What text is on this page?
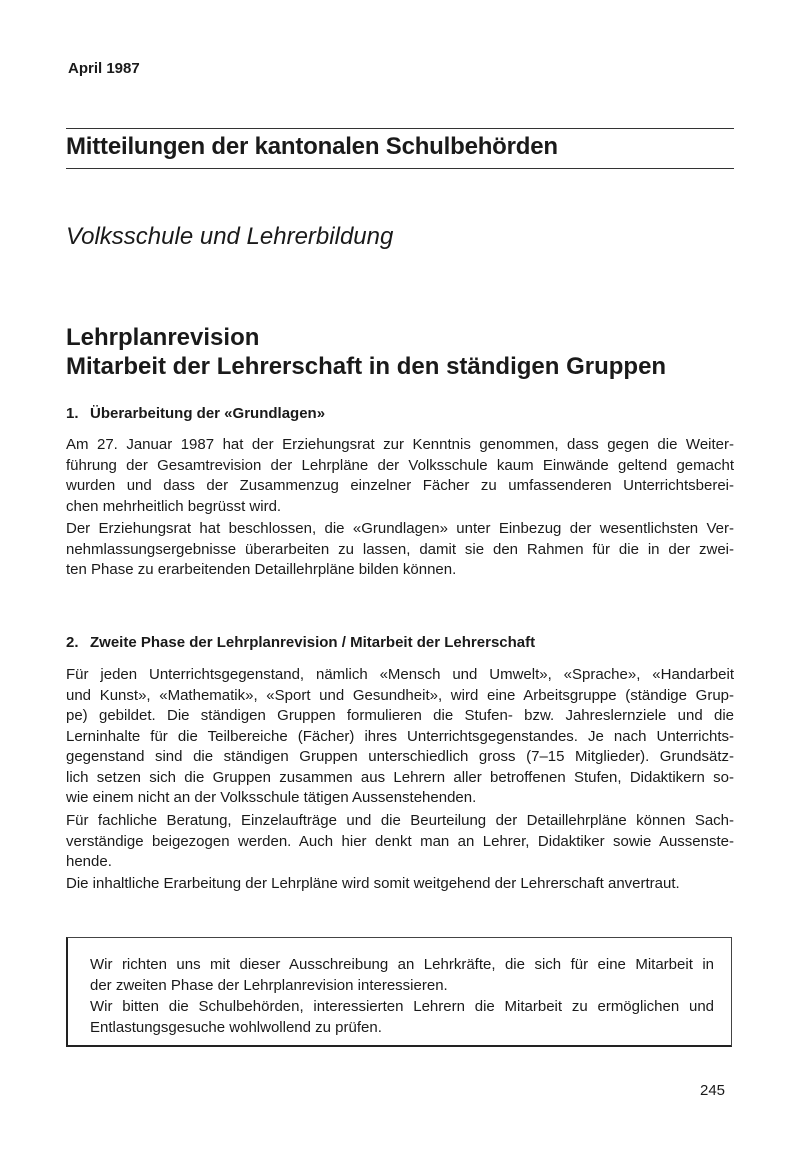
April 1987
Mitteilungen der kantonalen Schulbehörden
Volksschule und Lehrerbildung
Lehrplanrevision
Mitarbeit der Lehrerschaft in den ständigen Gruppen
1. Überarbeitung der «Grundlagen»
Am 27. Januar 1987 hat der Erziehungsrat zur Kenntnis genommen, dass gegen die Weiter-
führung der Gesamtrevision der Lehrpläne der Volksschule kaum Einwände geltend gemacht
wurden und dass der Zusammenzug einzelner Fächer zu umfassenderen Unterrichtsberei-
chen mehrheitlich begrüsst wird.
Der Erziehungsrat hat beschlossen, die «Grundlagen» unter Einbezug der wesentlichsten Ver-
nehmlassungsergebnisse überarbeiten zu lassen, damit sie den Rahmen für die in der zwei-
ten Phase zu erarbeitenden Detaillehrpläne bilden können.
2. Zweite Phase der Lehrplanrevision / Mitarbeit der Lehrerschaft
Für jeden Unterrichtsgegenstand, nämlich «Mensch und Umwelt», «Sprache», «Handarbeit
und Kunst», «Mathematik», «Sport und Gesundheit», wird eine Arbeitsgruppe (ständige Grup-
pe) gebildet. Die ständigen Gruppen formulieren die Stufen- bzw. Jahreslernziele und die
Lerninhalte für die Teilbereiche (Fächer) ihres Unterrichtsgegenstandes. Je nach Unterrichts-
gegenstand sind die ständigen Gruppen unterschiedlich gross (7–15 Mitglieder). Grundsätz-
lich setzen sich die Gruppen zusammen aus Lehrern aller betroffenen Stufen, Didaktikern so-
wie einem nicht an der Volksschule tätigen Aussenstehenden.
Für fachliche Beratung, Einzelaufträge und die Beurteilung der Detaillehrpläne können Sach-
verständige beigezogen werden. Auch hier denkt man an Lehrer, Didaktiker sowie Aussenste-
hende.
Die inhaltliche Erarbeitung der Lehrpläne wird somit weitgehend der Lehrerschaft anvertraut.
Wir richten uns mit dieser Ausschreibung an Lehrkräfte, die sich für eine Mitarbeit in
der zweiten Phase der Lehrplanrevision interessieren.
Wir bitten die Schulbehörden, interessierten Lehrern die Mitarbeit zu ermöglichen und
Entlastungsgesuche wohlwollend zu prüfen.
245
